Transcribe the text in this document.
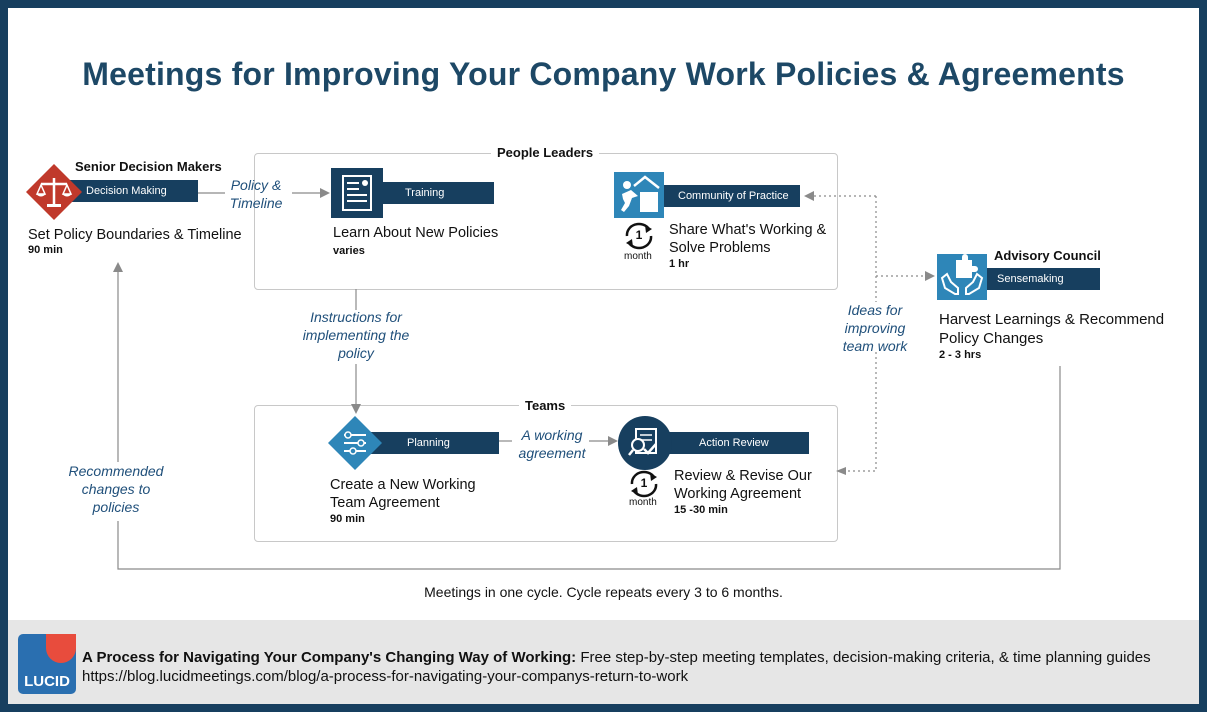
Meetings for Improving Your Company Work Policies & Agreements
People Leaders
Teams
Senior Decision Makers
Decision Making
Set Policy Boundaries & Timeline
90 min
Policy &
Timeline
Training
Learn About New Policies
varies
Instructions for
implementing the
policy
Community of Practice
1
month
Share What's Working &
Solve Problems
1 hr
Advisory Council
Sensemaking
Harvest Learnings & Recommend
Policy Changes
2 - 3 hrs
Ideas for
improving
team work
Planning
Create a New Working
Team Agreement
90 min
A working
agreement
Action Review
1
month
Review & Revise Our
Working Agreement
15 -30 min
Recommended
changes to
policies
Meetings in one cycle. Cycle repeats every 3 to 6 months.
LUCID
A Process for Navigating Your Company's Changing Way of Working: Free step-by-step meeting templates, decision-making criteria, & time planning guides
https://blog.lucidmeetings.com/blog/a-process-for-navigating-your-companys-return-to-work
